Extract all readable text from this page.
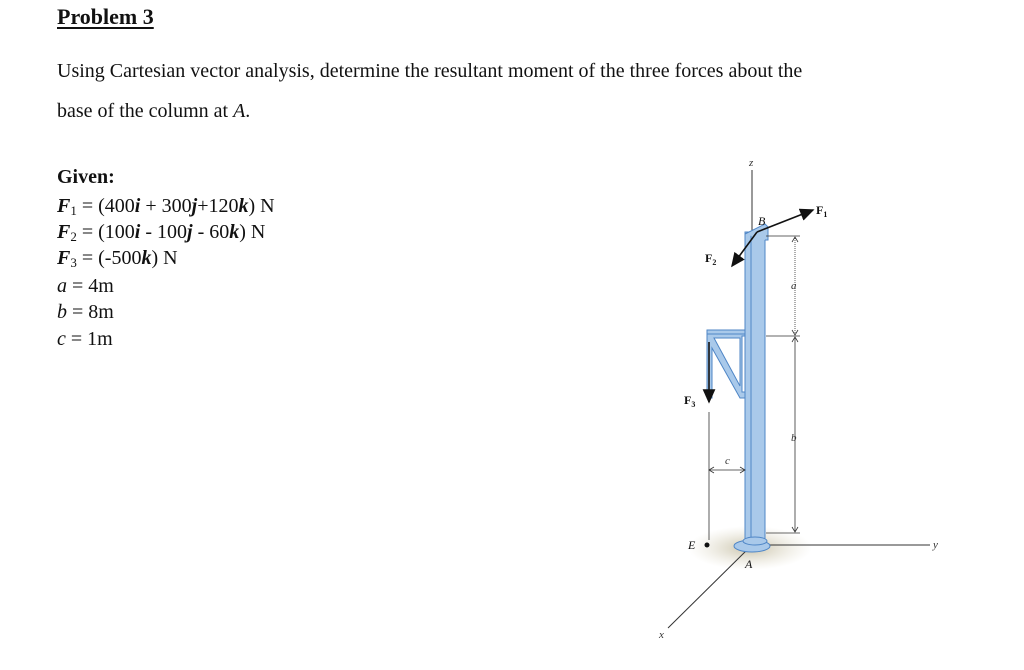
Problem 3
Using Cartesian vector analysis, determine the resultant moment of the three forces about the
base of the column at A.
Given:
$F_1 = (400i + 300j+120k)$ N
$F_2 = (100i - 100j - 60k)$ N
$F_3 = (-500k)$ N
a = 4m
b = 8m
c = 1m
z
y
x
$F_3$
$F_1$
B
$F_2$
a
b
c
E
A
